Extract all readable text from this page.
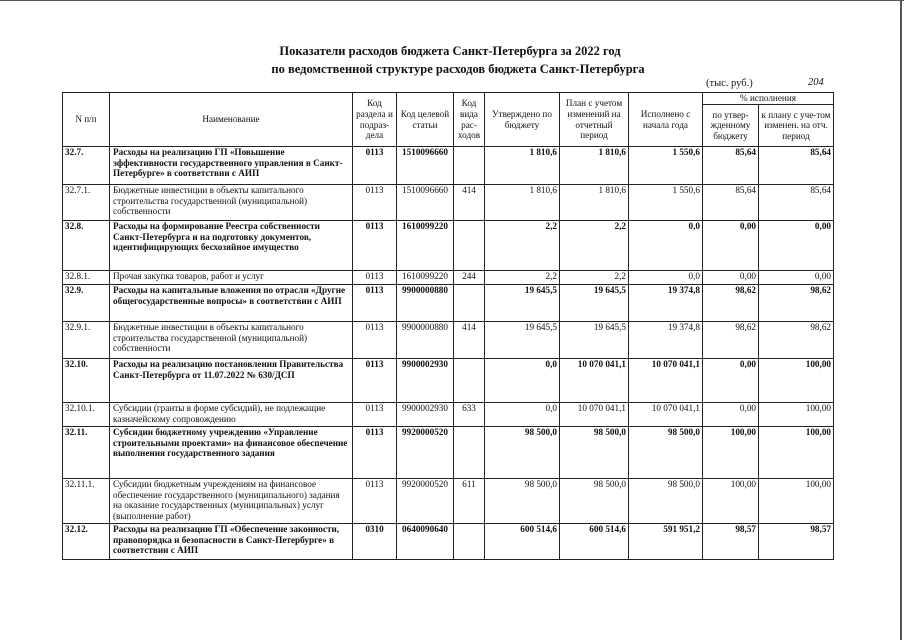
Показатели расходов бюджета Санкт-Петербурга за 2022 год
по ведомственной структуре расходов бюджета Санкт-Петербурга
(тыс. руб.)	204
N п/п	Наименование	Код раздела и подраз-дела	Код целевой статьи	Код вида рас-ходов	Утверждено по бюджету	План с учетом изменений на отчетный период	Исполнено с начала года	% исполнения	
								по утвер-жденному бюджету	к плану с уче-том изменен. на отч. период
32.7.	Расходы на реализацию ГП «Повышение эффективности государственного управления в Санкт-Петербурге» в соответствии с АИП	0113	1510096660		1 810,6	1 810,6	1 550,6	85,64	85,64
32.7.1.	Бюджетные инвестиции в объекты капитального строительства государственной (муниципальной) собственности	0113	1510096660	414	1 810,6	1 810,6	1 550,6	85,64	85,64
32.8.	Расходы на формирование Реестра собственности Санкт-Петербурга и на подготовку документов, идентифицирующих бесхозяйное имущество	0113	1610099220		2,2	2,2	0,0	0,00	0,00
32.8.1.	Прочая закупка товаров, работ и услуг	0113	1610099220	244	2,2	2,2	0,0	0,00	0,00
32.9.	Расходы на капитальные вложения по отрасли «Другие общегосударственные вопросы» в соответствии с АИП	0113	9900000880		19 645,5	19 645,5	19 374,8	98,62	98,62
32.9.1.	Бюджетные инвестиции в объекты капитального строительства государственной (муниципальной) собственности	0113	9900000880	414	19 645,5	19 645,5	19 374,8	98,62	98,62
32.10.	Расходы на реализацию постановления Правительства Санкт-Петербурга от 11.07.2022 № 630/ДСП	0113	9900002930		0,0	10 070 041,1	10 070 041,1	0,00	100,00
32.10.1.	Субсидии (гранты в форме субсидий), не подлежащие казначейскому сопровождению	0113	9900002930	633	0,0	10 070 041,1	10 070 041,1	0,00	100,00
32.11.	Субсидии бюджетному учреждению «Управление строительными проектами» на финансовое обеспечение выполнения государственного задания	0113	9920000520		98 500,0	98 500,0	98 500,0	100,00	100,00
32.11.1.	Субсидии бюджетным учреждениям на финансовое обеспечение государственного (муниципального) задания на оказание государственных (муниципальных) услуг (выполнение работ)	0113	9920000520	611	98 500,0	98 500,0	98 500,0	100,00	100,00
32.12.	Расходы на реализацию ГП «Обеспечение законности, правопорядка и безопасности в Санкт-Петербурге» в соответствии с АИП	0310	0640090640		600 514,6	600 514,6	591 951,2	98,57	98,57
